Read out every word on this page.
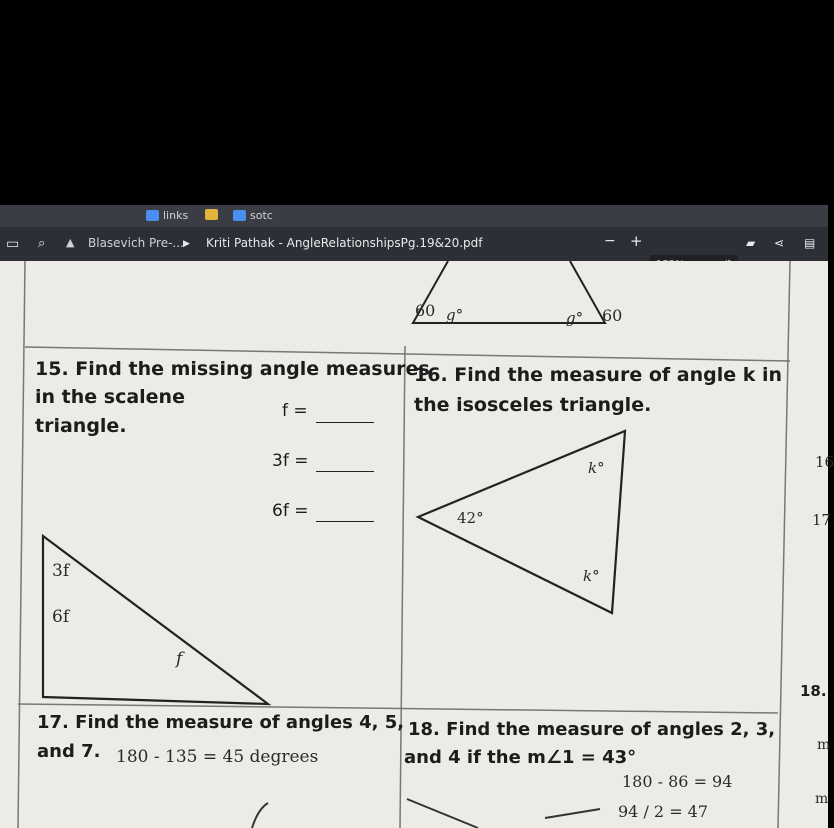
links	sotc
▭ ⌕ ▲ Blasevich Pre-... ▶ Kriti Pathak - AngleRelationshipsPg.19&20.pdf	− +	▰ ⋖ ▤
60 g°	g° 60
15. Find the missing angle measures
in the scalene
triangle.
f =
3f =
6f =
3f
6f
f
16. Find the measure of angle k in
the isosceles triangle.
k°
42°
k°
17. Find the measure of angles 4, 5,
and 7. 180 - 135 = 45 degrees
18. Find the measure of angles 2, 3,
and 4 if the m∠1 = 43°
180 - 86 = 94
94 / 2 = 47
16
17
18.
m
m
